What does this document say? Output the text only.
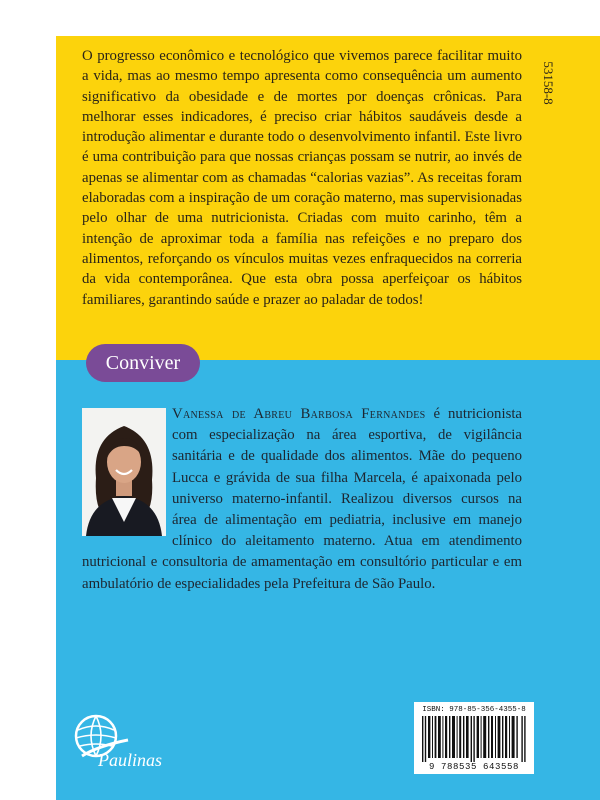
O progresso econômico e tecnológico que vivemos parece facilitar muito a vida, mas ao mesmo tempo apresenta como consequência um aumento significativo da obesidade e de mortes por doenças crônicas. Para melhorar esses indicadores, é preciso criar hábitos saudáveis desde a introdução alimentar e durante todo o desenvolvimento infantil. Este livro é uma contribuição para que nossas crianças possam se nutrir, ao invés de apenas se alimentar com as chamadas “calorias vazias”. As receitas foram elaboradas com a inspiração de um coração materno, mas supervisionadas pelo olhar de uma nutricionista. Criadas com muito carinho, têm a intenção de aproximar toda a família nas refeições e no preparo dos alimentos, reforçando os vínculos muitas vezes enfraquecidos na correria da vida contemporânea. Que esta obra possa aperfeiçoar os hábitos familiares, garantindo saúde e prazer ao paladar de todos!

53158-8
Conviver

Vanessa de Abreu Barbosa Fernandes é nutricionista com especialização na área esportiva, de vigilância sanitária e de qualidade dos alimentos. Mãe do pequeno Lucca e grávida de sua filha Marcela, é apaixonada pelo universo materno-infantil. Realizou diversos cursos na área de alimentação em pediatria, inclusive em manejo clínico do aleitamento materno. Atua em atendimento nutricional e consultoria de amamentação em consultório particular e em ambulatório de especialidades pela Prefeitura de São Paulo.

Paulinas
ISBN: 978-85-356-4355-8
9 788535 643558
